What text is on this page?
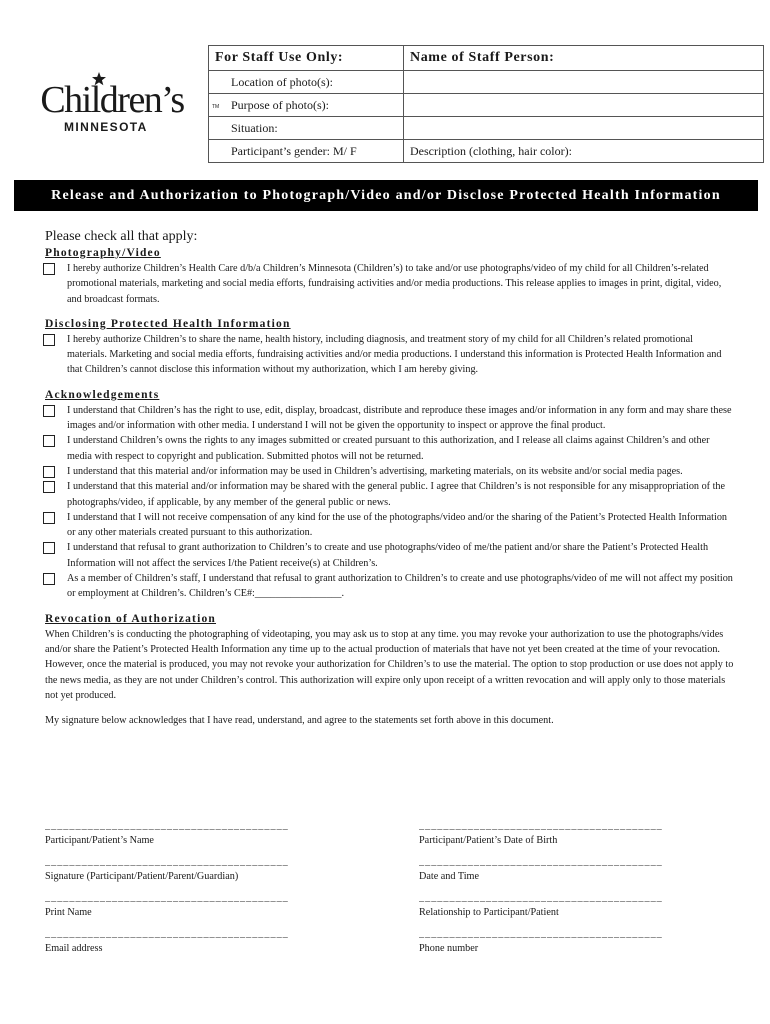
Children’s
MINNESOTA
TM
For Staff Use Only:	Name of Staff Person:
Location of photo(s):	
Purpose of photo(s):	
Situation:	
Participant’s gender: M/ F	Description (clothing, hair color):
Release and Authorization to Photograph/Video and/or Disclose Protected Health Information

Please check all that apply:

Photography/Video

I hereby authorize Children’s Health Care d/b/a Children’s Minnesota (Children’s) to take and/or use photographs/video of my child for all Children’s-related promotional materials, marketing and social media efforts, fundraising activities and/or media productions. This release applies to images in print, digital, video, and broadcast formats.

Disclosing Protected Health Information

I hereby authorize Children’s to share the name, health history, including diagnosis, and treatment story of my child for all Children’s related promotional materials. Marketing and social media efforts, fundraising activities and/or media productions. I understand this information is Protected Health Information and that Children’s cannot disclose this information without my authorization, which I am hereby giving.

Acknowledgements

I understand that Children’s has the right to use, edit, display, broadcast, distribute and reproduce these images and/or information in any form and may share these images and/or information with other media. I understand I will not be given the opportunity to inspect or approve the final product.
I understand Children’s owns the rights to any images submitted or created pursuant to this authorization, and I release all claims against Children’s and other media with respect to copyright and publication. Submitted photos will not be returned.
I understand that this material and/or information may be used in Children’s advertising, marketing materials, on its website and/or social media pages.
I understand that this material and/or information may be shared with the general public. I agree that Children’s is not responsible for any misappropriation of the photographs/video, if applicable, by any member of the general public or news.
I understand that I will not receive compensation of any kind for the use of the photographs/video and/or the sharing of the Patient’s Protected Health Information or any other materials created pursuant to this authorization.
I understand that refusal to grant authorization to Children’s to create and use photographs/video of me/the patient and/or share the Patient’s Protected Health Information will not affect the services I/the Patient receive(s) at Children’s.
As a member of Children’s staff, I understand that refusal to grant authorization to Children’s to create and use photographs/video of me will not affect my position or employment at Children’s. Children’s CE#:_________________.

Revocation of Authorization

When Children’s is conducting the photographing of videotaping, you may ask us to stop at any time. you may revoke your authorization to use the photographs/vides and/or share the Patient’s Protected Health Information any time up to the actual production of materials that have not yet been created at the time of your revocation. However, once the material is produced, you may not revoke your authorization for Children’s to use the material. The option to stop production or use does not apply to the news media, as they are not under Children’s control. This authorization will expire only upon receipt of a written revocation and will apply only to those materials not yet produced.

My signature below acknowledges that I have read, understand, and agree to the statements set forth above in this document.

________________________________________
Participant/Patient’s Name
________________________________________
Participant/Patient’s Date of Birth
________________________________________
Signature (Participant/Patient/Parent/Guardian)
________________________________________
Date and Time
________________________________________
Print Name
________________________________________
Relationship to Participant/Patient
________________________________________
Email address
________________________________________
Phone number
